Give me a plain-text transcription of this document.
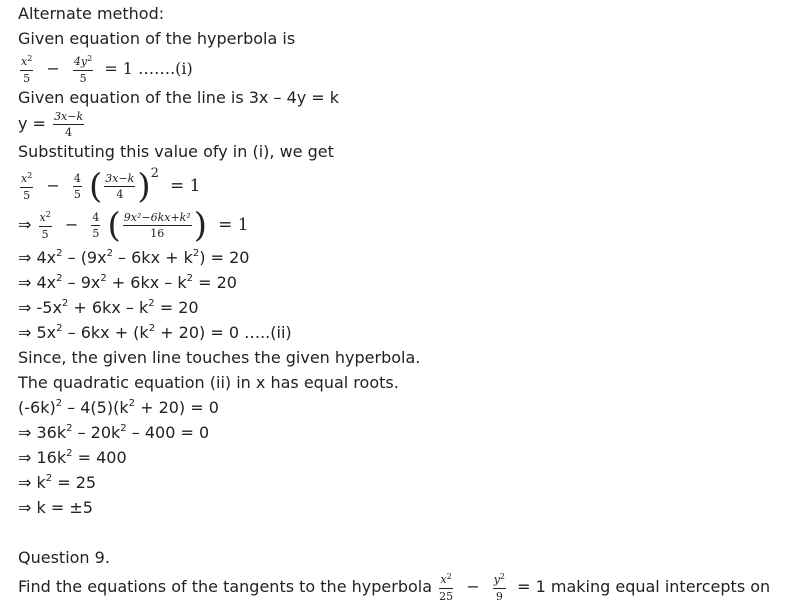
Alternate method:
Given equation of the hyperbola is
$\frac{x^2}{5} - \frac{4y^2}{5} = 1$ …….(i)
Given equation of the line is 3x – 4y = k
$y = \frac{3x-k}{4}$
Substituting this value ofy in (i), we get
$\frac{x^2}{5} - \frac{4}{5}$ ( $\frac{3x-k}{4} )^2 = 1$
⇒ $\frac{x^2}{5} - \frac{4}{5}$ ( $\frac{\text{9x²−6kx+k²}}{16}$ ) = 1
⇒ $4x^2 - (9x^2 - 6kx + k^2) = 20$
⇒ $4x^2 - 9x^2 + 6kx - k^2 = 20$
⇒ $-5x^2 + 6kx - k^2 = 20$
⇒ $5x^2 - 6kx + (k^2 + 20) = 0$ …..(ii)
Since, the given line touches the given hyperbola.
The quadratic equation (ii) in x has equal roots.
$(-6k)^2 - 4(5)(k^2 + 20) = 0$
⇒ $36k^2 - 20k^2 - 400 = 0$
⇒ $16k^2 = 400$
⇒ $k^2 = 25$
⇒ k = ±5
Question 9.
Find the equations of the tangents to the hyperbola $\frac{x^2}{25} - \frac{y^2}{9} = 1$ making equal intercepts on
